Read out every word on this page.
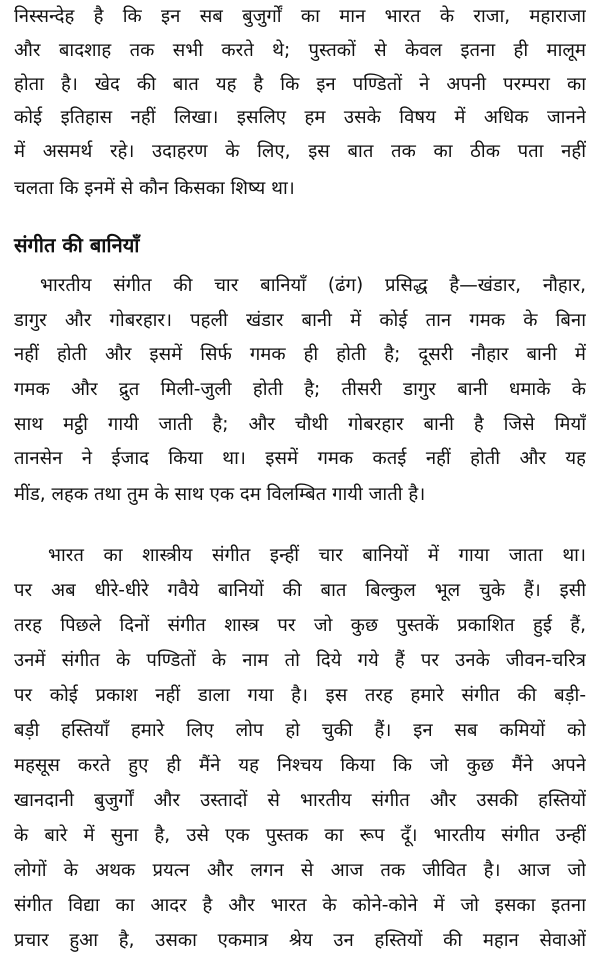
निस्सन्देह है कि इन सब बुजुर्गों का मान भारत के राजा, महाराजा
और बादशाह तक सभी करते थे; पुस्तकों से केवल इतना ही मालूम
होता है। खेद की बात यह है कि इन पण्डितों ने अपनी परम्परा का
कोई इतिहास नहीं लिखा। इसलिए हम उसके विषय में अधिक जानने
में असमर्थ रहे। उदाहरण के लिए, इस बात तक का ठीक पता नहीं
चलता कि इनमें से कौन किसका शिष्य था।
संगीत की बानियाँ
भारतीय संगीत की चार बानियाँ (ढंग) प्रसिद्ध है—खंडार, नौहार,
डागुर और गोबरहार। पहली खंडार बानी में कोई तान गमक के बिना
नहीं होती और इसमें सिर्फ गमक ही होती है; दूसरी नौहार बानी में
गमक और द्रुत मिली-जुली होती है; तीसरी डागुर बानी धमाके के
साथ मट्ठी गायी जाती है; और चौथी गोबरहार बानी है जिसे मियाँ
तानसेन ने ईजाद किया था। इसमें गमक कतई नहीं होती और यह
मींड, लहक तथा तुम के साथ एक दम विलम्बित गायी जाती है।
भारत का शास्त्रीय संगीत इन्हीं चार बानियों में गाया जाता था।
पर अब धीरे-धीरे गवैये बानियों की बात बिल्कुल भूल चुके हैं। इसी
तरह पिछले दिनों संगीत शास्त्र पर जो कुछ पुस्तकें प्रकाशित हुई हैं,
उनमें संगीत के पण्डितों के नाम तो दिये गये हैं पर उनके जीवन-चरित्र
पर कोई प्रकाश नहीं डाला गया है। इस तरह हमारे संगीत की बड़ी-
बड़ी हस्तियाँ हमारे लिए लोप हो चुकी हैं। इन सब कमियों को
महसूस करते हुए ही मैंने यह निश्चय किया कि जो कुछ मैंने अपने
खानदानी बुजुर्गों और उस्तादों से भारतीय संगीत और उसकी हस्तियों
के बारे में सुना है, उसे एक पुस्तक का रूप दूँ। भारतीय संगीत उन्हीं
लोगों के अथक प्रयत्न और लगन से आज तक जीवित है। आज जो
संगीत विद्या का आदर है और भारत के कोने-कोने में जो इसका इतना
प्रचार हुआ है, उसका एकमात्र श्रेय उन हस्तियों की महान सेवाओं
